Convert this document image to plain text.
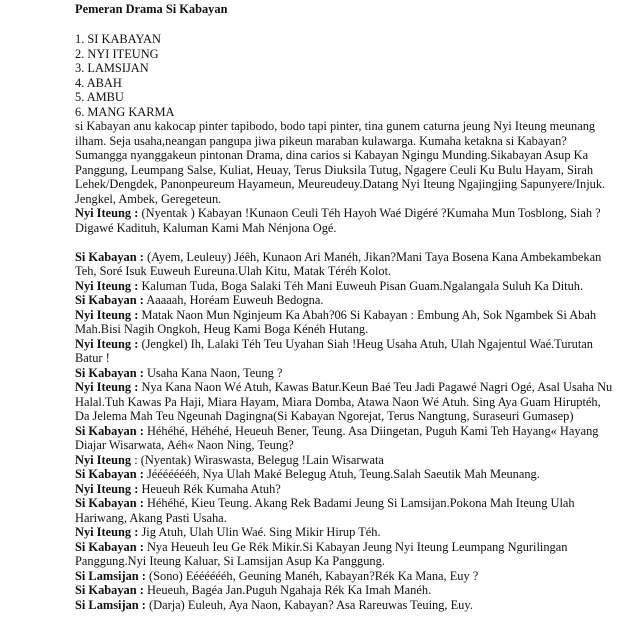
Pemeran Drama Si Kabayan

1. SI KABAYAN
2. NYI ITEUNG
3. LAMSIJAN
4. ABAH
5. AMBU
6. MANG KARMA

si Kabayan anu kakocap pinter tapibodo, bodo tapi pinter, tina gunem caturna jeung Nyi Iteung meunang ilham. Seja usaha,neangan pangupa jiwa pikeun maraban kulawarga. Kumaha ketakna si Kabayan?Sumangga nyanggakeun pintonan Drama, dina carios si Kabayan Ngingu Munding.Sikabayan Asup Ka Panggung, Leumpang Salse, Kuliat, Heuay, Terus Diuksila Tutug, Ngagere Ceuli Ku Bulu Hayam, Sirah Lehek/Dengdek, Panonpeureum Hayameun, Meureudeuy.Datang Nyi Iteung Ngajingjing Sapunyere/Injuk. Jengkel, Ambek, Geregeteun.

Nyi Iteung : (Nyentak ) Kabayan !Kunaon Ceuli Téh Hayoh Waé Digéré ?Kumaha Mun Tosblong, Siah ?Digawé Kadituh, Kaluman Kami Mah Nénjona Ogé.

Si Kabayan : (Ayem, Leuleuy) Jéêh, Kunaon Ari Manéh, Jikan?Mani Taya Bosena Kana Ambekambekan Teh, Soré Isuk Euweuh Eureuna.Ulah Kitu, Matak Téréh Kolot.

Nyi Iteung : Kaluman Tuda, Boga Salaki Téh Mani Euweuh Pisan Guam.Ngalangala Suluh Ka Dituh.

Si Kabayan : Aaaaah, Horéam Euweuh Bedogna.

Nyi Iteung : Matak Naon Mun Nginjeum Ka Abah?06 Si Kabayan : Embung Ah, Sok Ngambek Si Abah Mah.Bisi Nagih Ongkoh, Heug Kami Boga Kénéh Hutang.

Nyi Iteung : (Jengkel) Ih, Lalaki Téh Teu Uyahan Siah !Heug Usaha Atuh, Ulah Ngajentul Waé.Turutan Batur !

Si Kabayan : Usaha Kana Naon, Teung ?

Nyi Iteung : Nya Kana Naon Wé Atuh, Kawas Batur.Keun Baé Teu Jadi Pagawé Nagri Ogé, Asal Usaha Nu Halal.Tuh Kawas Pa Haji, Miara Hayam, Miara Domba, Atawa Naon Wé Atuh. Sing Aya Guam Hiruptéh, Da Jelema Mah Teu Ngeunah Dagingna(Si Kabayan Ngorejat, Terus Nangtung, Suraseuri Gumasep)

Si Kabayan : Héhéhé, Héhéhé, Heueuh Bener, Teung. Asa Diingetan, Puguh Kami Teh Hayang« Hayang Diajar Wisarwata, Aéh« Naon Ning, Teung?

Nyi Iteung : (Nyentak) Wiraswasta, Belegug !Lain Wisarwata

Si Kabayan : Jéééééééh, Nya Ulah Maké Belegug Atuh, Teung.Salah Saeutik Mah Meunang.

Nyi Iteung : Heueuh Rék Kumaha Atuh?

Si Kabayan : Héhéhé, Kieu Teung. Akang Rek Badami Jeung Si Lamsijan.Pokona Mah Iteung Ulah Hariwang, Akang Pasti Usaha.

Nyi Iteung : Jig Atuh, Ulah Ulin Waé. Sing Mikir Hirup Téh.

Si Kabayan : Nya Heueuh Ieu Ge Rék Mikir.Si Kabayan Jeung Nyi Iteung Leumpang Ngurilingan Panggung.Nyi Iteung Kaluar, Si Lamsijan Asup Ka Panggung.

Si Lamsijan : (Sono) Eééééééh, Geuning Manéh, Kabayan?Rék Ka Mana, Euy ?

Si Kabayan : Heueuh, Bagéa Jan.Puguh Ngahaja Rék Ka Imah Manéh.

Si Lamsijan : (Darja) Euleuh, Aya Naon, Kabayan? Asa Rareuwas Teuing, Euy.
